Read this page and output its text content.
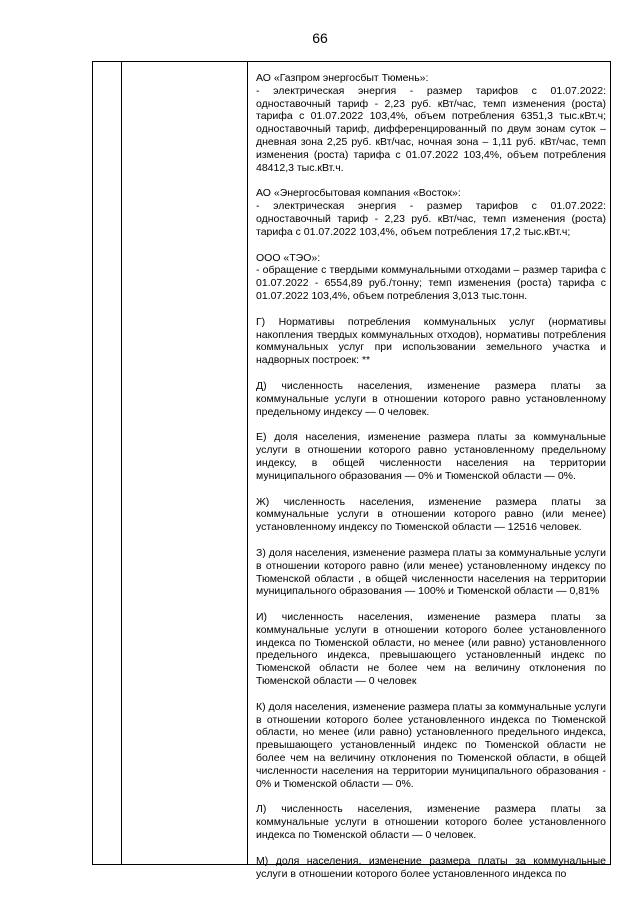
66

АО «Газпром энергосбыт Тюмень»:

- электрическая энергия - размер тарифов с 01.07.2022: одноставочный тариф - 2,23 руб. кВт/час, темп изменения (роста) тарифа с 01.07.2022 103,4%, объем потребления 6351,3 тыс.кВт.ч; одноставочный тариф, дифференцированный по двум зонам суток – дневная зона 2,25 руб. кВт/час, ночная зона – 1,11 руб. кВт/час, темп изменения (роста) тарифа с 01.07.2022 103,4%, объем потребления 48412,3 тыс.кВт.ч.

АО «Энергосбытовая компания «Восток»:

- электрическая энергия - размер тарифов с 01.07.2022: одноставочный тариф - 2,23 руб. кВт/час, темп изменения (роста) тарифа с 01.07.2022 103,4%, объем потребления 17,2 тыс.кВт.ч;

ООО «ТЭО»:

- обращение с твердыми коммунальными отходами – размер тарифа с 01.07.2022 - 6554,89 руб./тонну; темп изменения (роста) тарифа с 01.07.2022 103,4%, объем потребления 3,013 тыс.тонн.

Г) Нормативы потребления коммунальных услуг (нормативы накопления твердых коммунальных отходов), нормативы потребления коммунальных услуг при использовании земельного участка и надворных построек: **

Д) численность населения, изменение размера платы за коммунальные услуги в отношении которого равно установленному предельному индексу — 0 человек.

Е) доля населения, изменение размера платы за коммунальные услуги в отношении которого равно установленному предельному индексу, в общей численности населения на территории муниципального образования — 0% и Тюменской области — 0%.

Ж) численность населения, изменение размера платы за коммунальные услуги в отношении которого равно (или менее) установленному индексу по Тюменской области — 12516 человек.

З) доля населения, изменение размера платы за коммунальные услуги в отношении которого равно (или менее) установленному индексу по Тюменской области , в общей численности населения на территории муниципального образования — 100% и Тюменской области — 0,81%

И) численность населения, изменение размера платы за коммунальные услуги в отношении которого более установленного индекса по Тюменской области, но менее (или равно) установленного предельного индекса, превышающего установленный индекс по Тюменской области не более чем на величину отклонения по Тюменской области — 0 человек

К) доля населения, изменение размера платы за коммунальные услуги в отношении которого более установленного индекса по Тюменской области, но менее (или равно) установленного предельного индекса, превышающего установленный индекс по Тюменской области не более чем на величину отклонения по Тюменской области, в общей численности населения на территории муниципального образования - 0% и Тюменской области — 0%.

Л) численность населения, изменение размера платы за коммунальные услуги в отношении которого более установленного индекса по Тюменской области — 0 человек.

М) доля населения, изменение размера платы за коммунальные услуги в отношении которого более установленного индекса по
